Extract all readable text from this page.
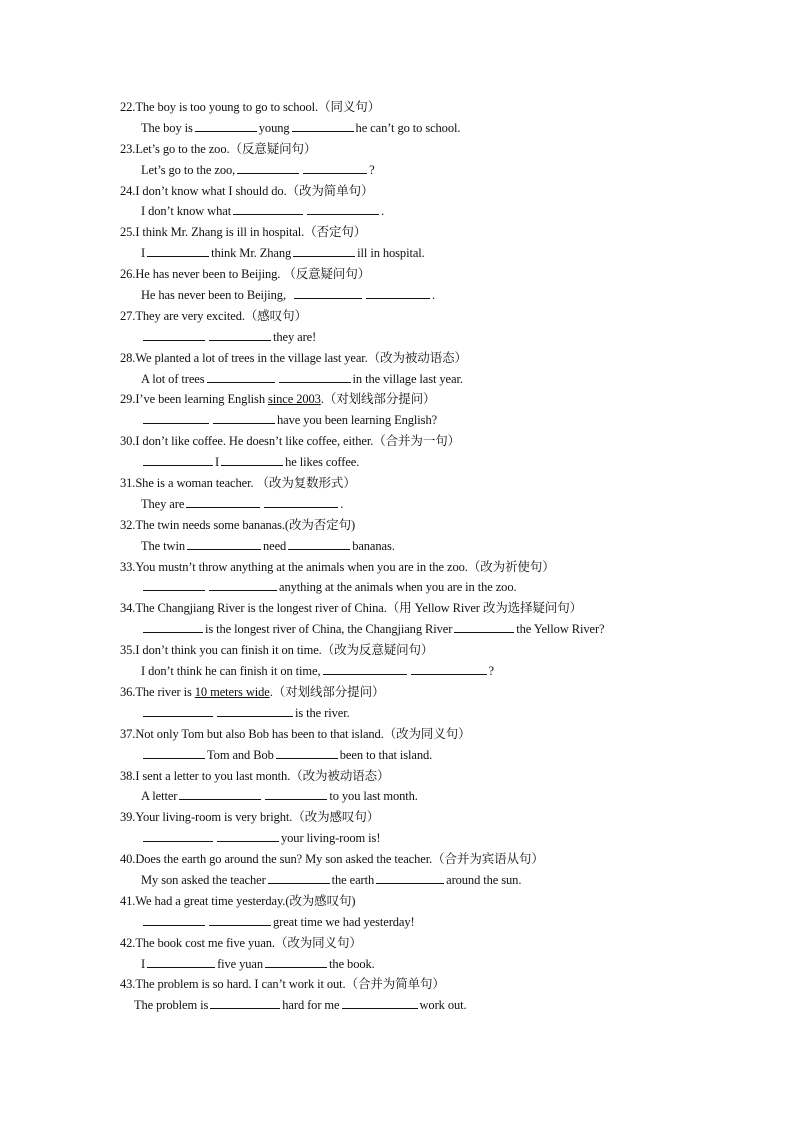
22.The boy is too young to go to school.（同义句）
The boy is	young	he can’t go to school.
23.Let’s go to the zoo.（反意疑问句）
Let’s go to the zoo,	?
24.I don’t know what I should do.（改为简单句）
I don’t know what	.
25.I think Mr. Zhang is ill in hospital.（否定句）
I	think Mr. Zhang	ill in hospital.
26.He has never been to Beijing. （反意疑问句）
He has never been to Beijing,	.
27.They are very excited.（感叹句）
they are!
28.We planted a lot of trees in the village last year.（改为被动语态）
A lot of trees	in the village last year.
29.I’ve been learning English since 2003.（对划线部分提问）
have you been learning English?
30.I don’t like coffee. He doesn’t like coffee, either.（合并为一句）
I	he likes coffee.
31.She is a woman teacher. （改为复数形式）
They are	.
32.The twin needs some bananas.(改为否定句)
The twin	need	bananas.
33.You mustn’t throw anything at the animals when you are in the zoo.（改为祈使句）
anything at the animals when you are in the zoo.
34.The Changjiang River is the longest river of China.（用 Yellow River 改为选择疑问句）
is the longest river of China, the Changjiang River	the Yellow River?
35.I don’t think you can finish it on time.（改为反意疑问句）
I don’t think he can finish it on time,	?
36.The river is 10 meters wide.（对划线部分提问）
is the river.
37.Not only Tom but also Bob has been to that island.（改为同义句）
Tom and Bob	been to that island.
38.I sent a letter to you last month.（改为被动语态）
A letter	to you last month.
39.Your living-room is very bright.（改为感叹句）
your living-room is!
40.Does the earth go around the sun? My son asked the teacher.（合并为宾语从句）
My son asked the teacher	the earth	around the sun.
41.We had a great time yesterday.(改为感叹句)
great time we had yesterday!
42.The book cost me five yuan.（改为同义句）
I	five yuan	the book.
43.The problem is so hard. I can’t work it out.（合并为简单句）
The problem is	hard for me	work out.
